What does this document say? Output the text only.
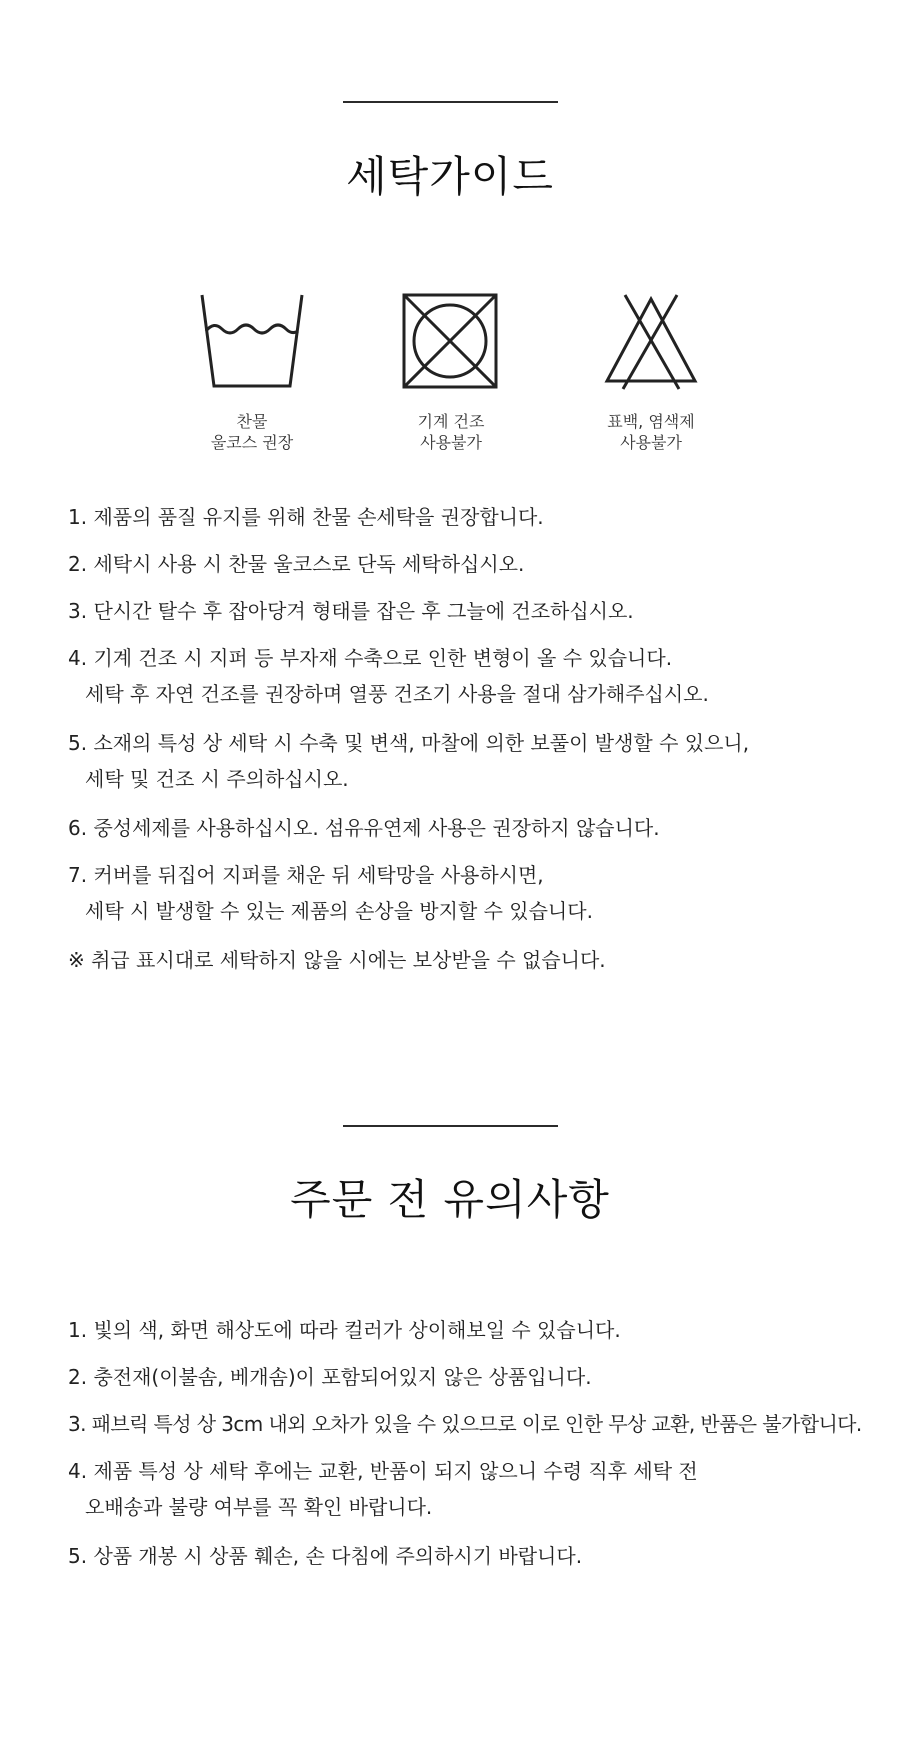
세탁가이드
찬물
울코스 권장
기계 건조
사용불가
표백, 염색제
사용불가
1. 제품의 품질 유지를 위해 찬물 손세탁을 권장합니다.
2. 세탁시 사용 시 찬물 울코스로 단독 세탁하십시오.
3. 단시간 탈수 후 잡아당겨 형태를 잡은 후 그늘에 건조하십시오.
4. 기계 건조 시 지퍼 등 부자재 수축으로 인한 변형이 올 수 있습니다.
세탁 후 자연 건조를 권장하며 열풍 건조기 사용을 절대 삼가해주십시오.
5. 소재의 특성 상 세탁 시 수축 및 변색, 마찰에 의한 보풀이 발생할 수 있으니,
세탁 및 건조 시 주의하십시오.
6. 중성세제를 사용하십시오. 섬유유연제 사용은 권장하지 않습니다.
7. 커버를 뒤집어 지퍼를 채운 뒤 세탁망을 사용하시면,
세탁 시 발생할 수 있는 제품의 손상을 방지할 수 있습니다.
※ 취급 표시대로 세탁하지 않을 시에는 보상받을 수 없습니다.
주문 전 유의사항
1. 빛의 색, 화면 해상도에 따라 컬러가 상이해보일 수 있습니다.
2. 충전재(이불솜, 베개솜)이 포함되어있지 않은 상품입니다.
3. 패브릭 특성 상 3cm 내외 오차가 있을 수 있으므로 이로 인한 무상 교환, 반품은 불가합니다.
4. 제품 특성 상 세탁 후에는 교환, 반품이 되지 않으니 수령 직후 세탁 전
오배송과 불량 여부를 꼭 확인 바랍니다.
5. 상품 개봉 시 상품 훼손, 손 다침에 주의하시기 바랍니다.
